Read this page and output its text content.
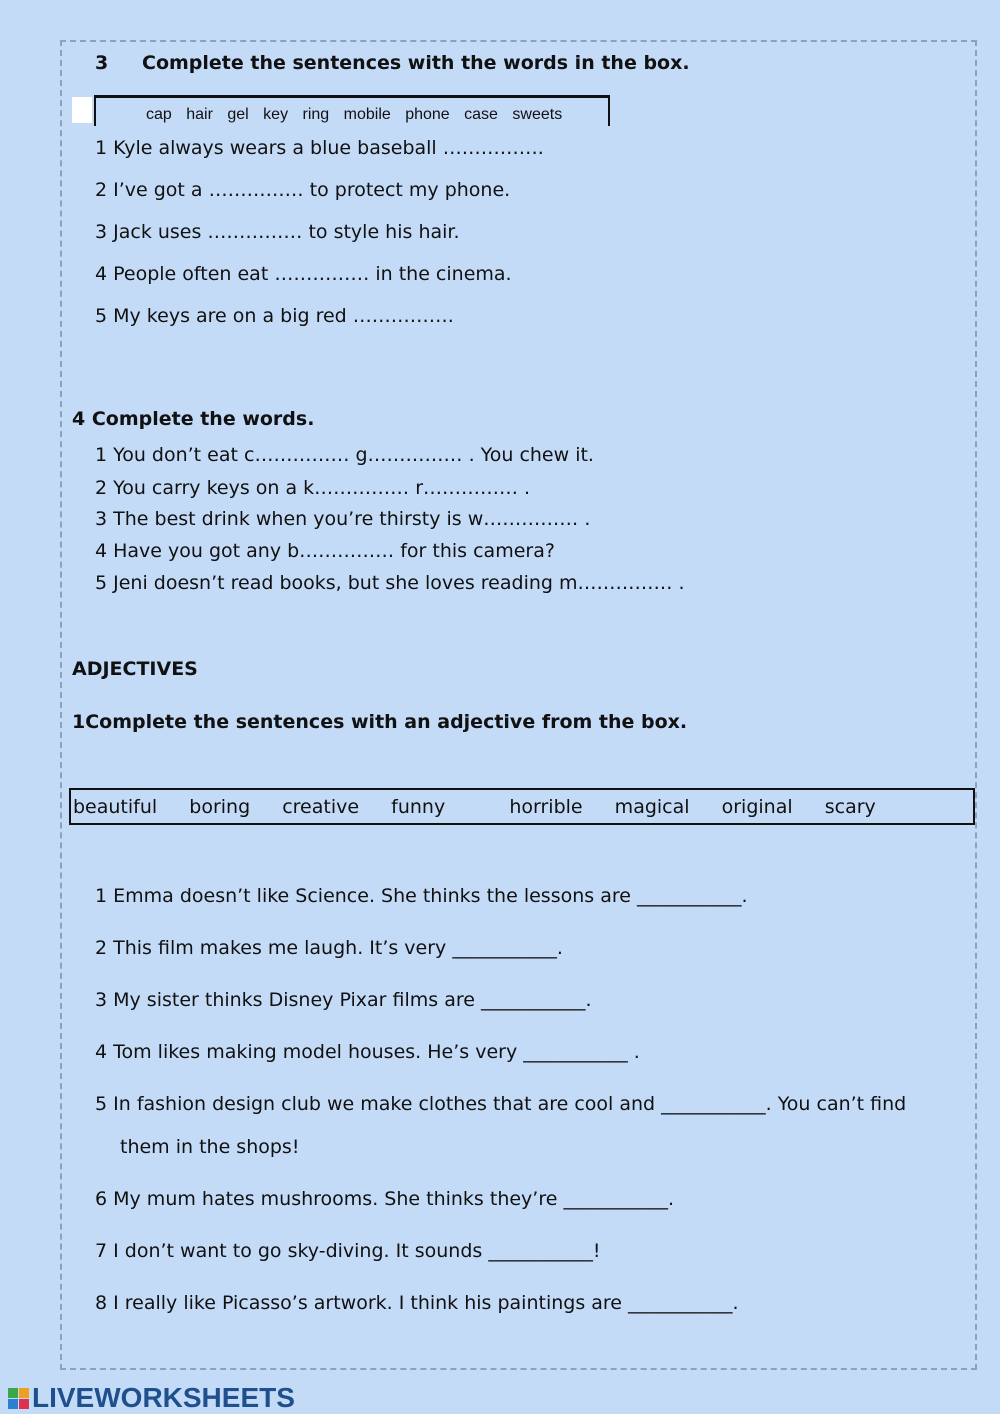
3 Complete the sentences with the words in the box.
cap hair gel key ring mobile phone case sweets
1 Kyle always wears a blue baseball …………….
2 I’ve got a …………… to protect my phone.
3 Jack uses …………… to style his hair.
4 People often eat …………… in the cinema.
5 My keys are on a big red …………….
4 Complete the words.
1 You don’t eat c…………… g…………… . You chew it.
2 You carry keys on a k…………… r…………… .
3 The best drink when you’re thirsty is w…………… .
4 Have you got any b…………… for this camera?
5 Jeni doesn’t read books, but she loves reading m…………… .
ADJECTIVES
1Complete the sentences with an adjective from the box.
beautiful  boring  creative  funny    horrible  magical  original  scary
1 Emma doesn’t like Science. She thinks the lessons are ___________.
2 This film makes me laugh. It’s very ___________.
3 My sister thinks Disney Pixar films are ___________.
4 Tom likes making model houses. He’s very ___________ .
5 In fashion design club we make clothes that are cool and ___________. You can’t find
them in the shops!
6 My mum hates mushrooms. She thinks they’re ___________.
7 I don’t want to go sky-diving. It sounds ___________!
8 I really like Picasso’s artwork. I think his paintings are ___________.
LIVEWORKSHEETS
